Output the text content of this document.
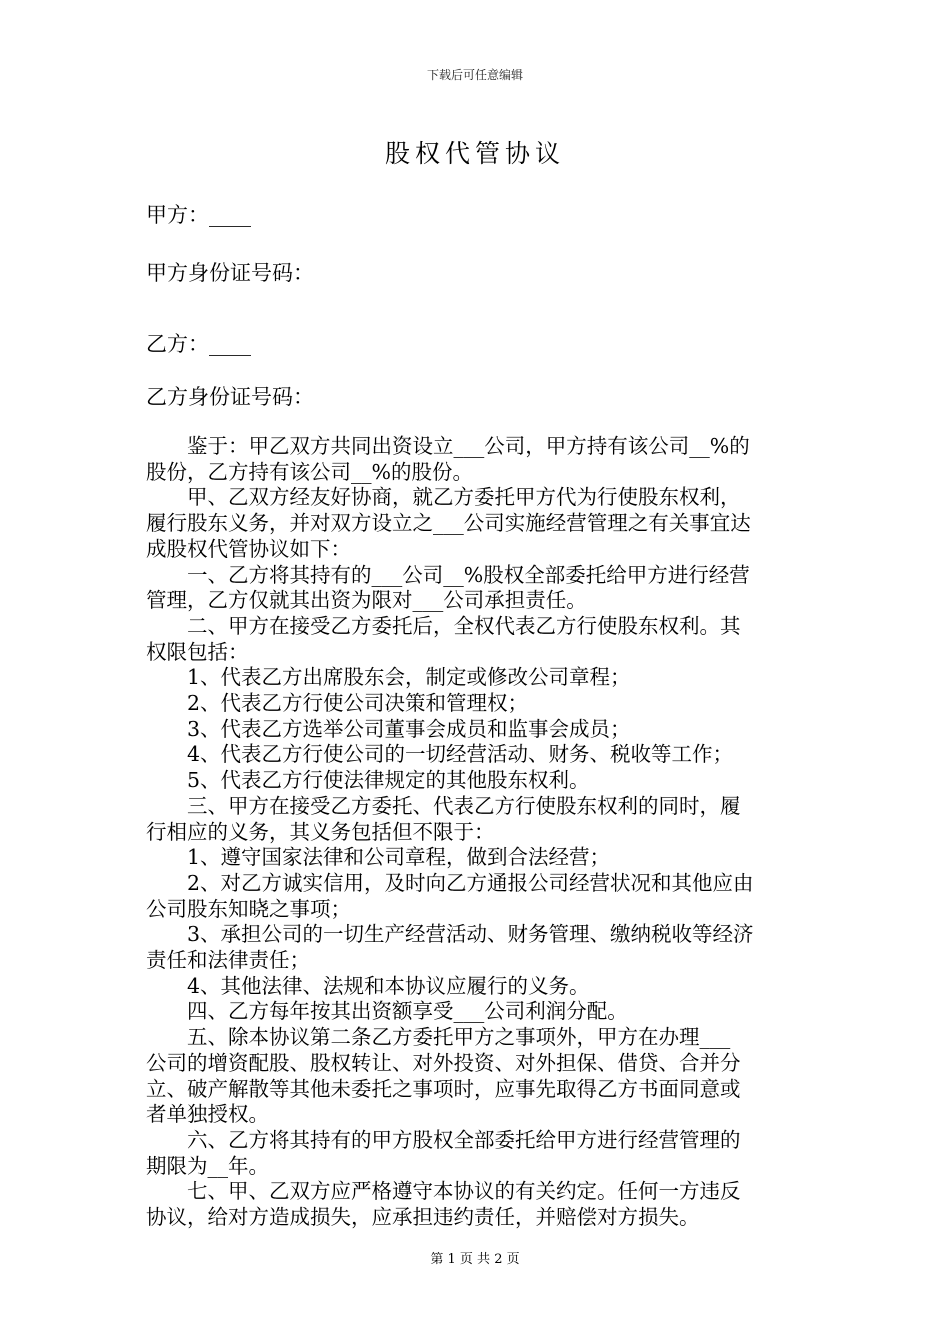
下载后可任意编辑
股权代管协议
甲方：____
甲方身份证号码：
乙方：____
乙方身份证号码：
　　鉴于：甲乙双方共同出资设立___公司，甲方持有该公司__%的
股份，乙方持有该公司__%的股份。
　　甲、乙双方经友好协商，就乙方委托甲方代为行使股东权利，
履行股东义务，并对双方设立之___公司实施经营管理之有关事宜达
成股权代管协议如下：
　　一、乙方将其持有的___公司__%股权全部委托给甲方进行经营
管理，乙方仅就其出资为限对___公司承担责任。
　　二、甲方在接受乙方委托后，全权代表乙方行使股东权利。其
权限包括：
　　1、代表乙方出席股东会，制定或修改公司章程；
　　2、代表乙方行使公司决策和管理权；
　　3、代表乙方选举公司董事会成员和监事会成员；
　　4、代表乙方行使公司的一切经营活动、财务、税收等工作；
　　5、代表乙方行使法律规定的其他股东权利。
　　三、甲方在接受乙方委托、代表乙方行使股东权利的同时，履
行相应的义务，其义务包括但不限于：
　　1、遵守国家法律和公司章程，做到合法经营；
　　2、对乙方诚实信用，及时向乙方通报公司经营状况和其他应由
公司股东知晓之事项；
　　3、承担公司的一切生产经营活动、财务管理、缴纳税收等经济
责任和法律责任；
　　4、其他法律、法规和本协议应履行的义务。
　　四、乙方每年按其出资额享受___公司利润分配。
　　五、除本协议第二条乙方委托甲方之事项外，甲方在办理___
公司的增资配股、股权转让、对外投资、对外担保、借贷、合并分
立、破产解散等其他未委托之事项时，应事先取得乙方书面同意或
者单独授权。
　　六、乙方将其持有的甲方股权全部委托给甲方进行经营管理的
期限为__年。
　　七、甲、乙双方应严格遵守本协议的有关约定。任何一方违反
协议，给对方造成损失，应承担违约责任，并赔偿对方损失。
第 1 页 共 2 页
